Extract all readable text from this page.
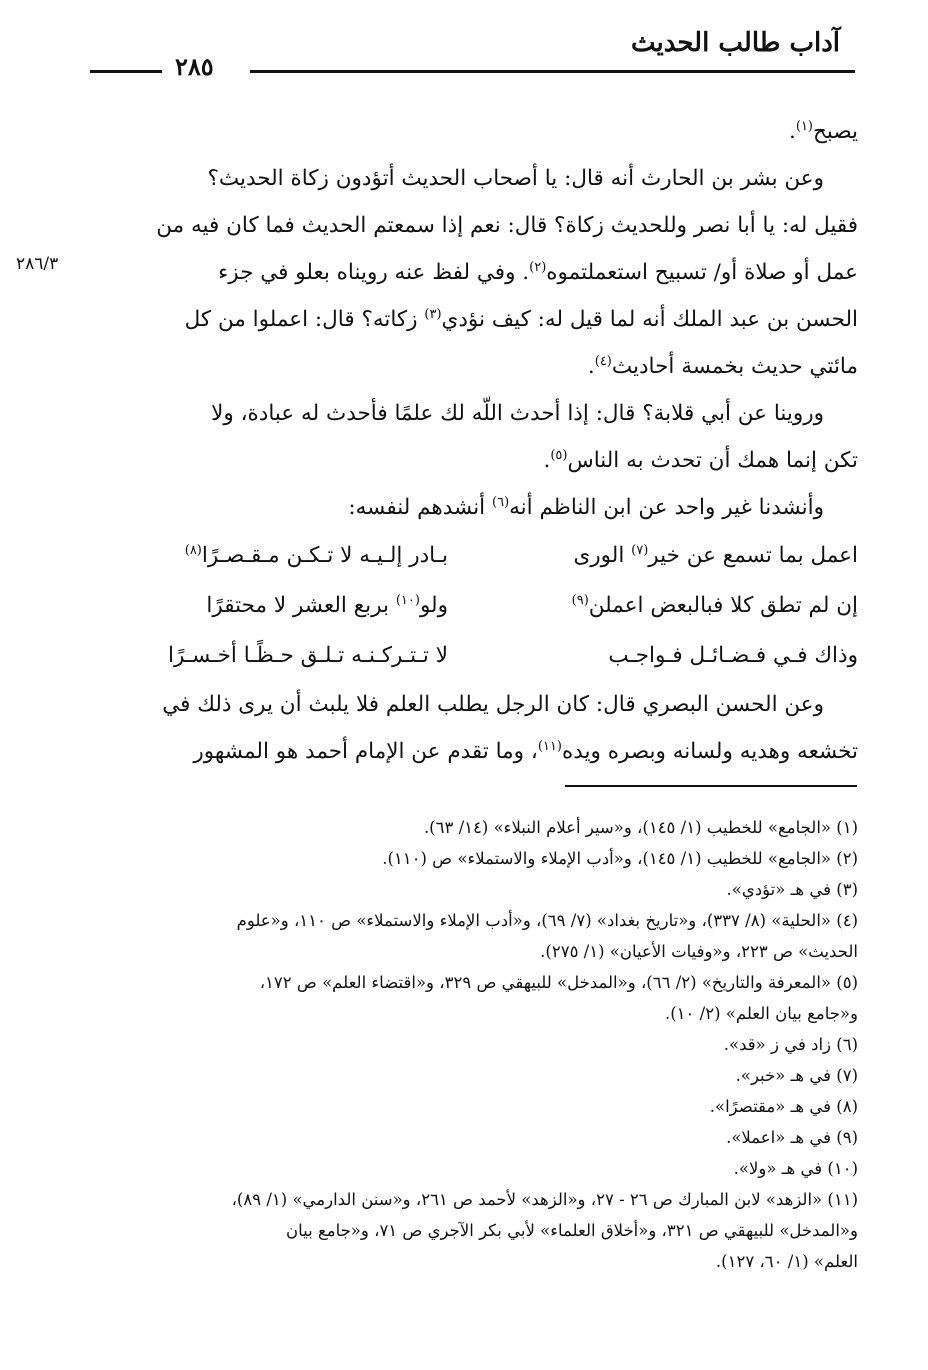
آداب طالب الحديث
٢٨٥
٢٨٦/٣
يصبح$^{(١)}$.
وعن بشر بن الحارث أنه قال: يا أصحاب الحديث أتؤدون زكاة الحديث؟
فقيل له: يا أبا نصر وللحديث زكاة؟ قال: نعم إذا سمعتم الحديث فما كان فيه من
عمل أو صلاة أو/ تسبيح استعملتموه$^{(٢)}$. وفي لفظ عنه رويناه بعلو في جزء
الحسن بن عبد الملك أنه لما قيل له: كيف نؤدي$^{(٣)}$ زكاته؟ قال: اعملوا من كل
مائتي حديث بخمسة أحاديث$^{(٤)}$.
وروينا عن أبي قلابة؟ قال: إذا أحدث اللّه لك علمًا فأحدث له عبادة، ولا
تكن إنما همك أن تحدث به الناس$^{(٥)}$.
وأنشدنا غير واحد عن ابن الناظم أنه$^{(٦)}$ أنشدهم لنفسه:
اعمل بما تسمع عن خير$^{(٧)}$ الورى
بـادر إلـيـه لا تـكـن مـقـصـرًا$^{(٨)}$
إن لم تطق كلا فبالبعض اعملن$^{(٩)}$
ولو$^{(١٠)}$ بربع العشر لا محتقرًا
وذاك فـي فـضـائـل فـواجـب
لا تـتـركـنـه تـلـق حـظًـا أخـسـرًا
وعن الحسن البصري قال: كان الرجل يطلب العلم فلا يلبث أن يرى ذلك في
تخشعه وهديه ولسانه وبصره ويده$^{(١١)}$، وما تقدم عن الإمام أحمد هو المشهور
(١) «الجامع» للخطيب (١/ ١٤٥)، و«سير أعلام النبلاء» (١٤/ ٦٣).
(٢) «الجامع» للخطيب (١/ ١٤٥)، و«أدب الإملاء والاستملاء» ص (١١٠).
(٣) في هـ «تؤدي».
(٤) «الحلية» (٨/ ٣٣٧)، و«تاريخ بغداد» (٧/ ٦٩)، و«أدب الإملاء والاستملاء» ص ١١٠، و«علوم
الحديث» ص ٢٢٣، و«وفيات الأعيان» (١/ ٢٧٥).
(٥) «المعرفة والتاريخ» (٢/ ٦٦)، و«المدخل» للبيهقي ص ٣٢٩، و«اقتضاء العلم» ص ١٧٢،
و«جامع بيان العلم» (٢/ ١٠).
(٦) زاد في ز «قد».
(٧) في هـ «خبر».
(٨) في هـ «مقتصرًا».
(٩) في هـ «اعملا».
(١٠) في هـ «ولا».
(١١) «الزهد» لابن المبارك ص ٢٦ - ٢٧، و«الزهد» لأحمد ص ٢٦١، و«سنن الدارمي» (١/ ٨٩)،
و«المدخل» للبيهقي ص ٣٢١، و«أخلاق العلماء» لأبي بكر الآجري ص ٧١، و«جامع بيان
العلم» (١/ ٦٠، ١٢٧).
